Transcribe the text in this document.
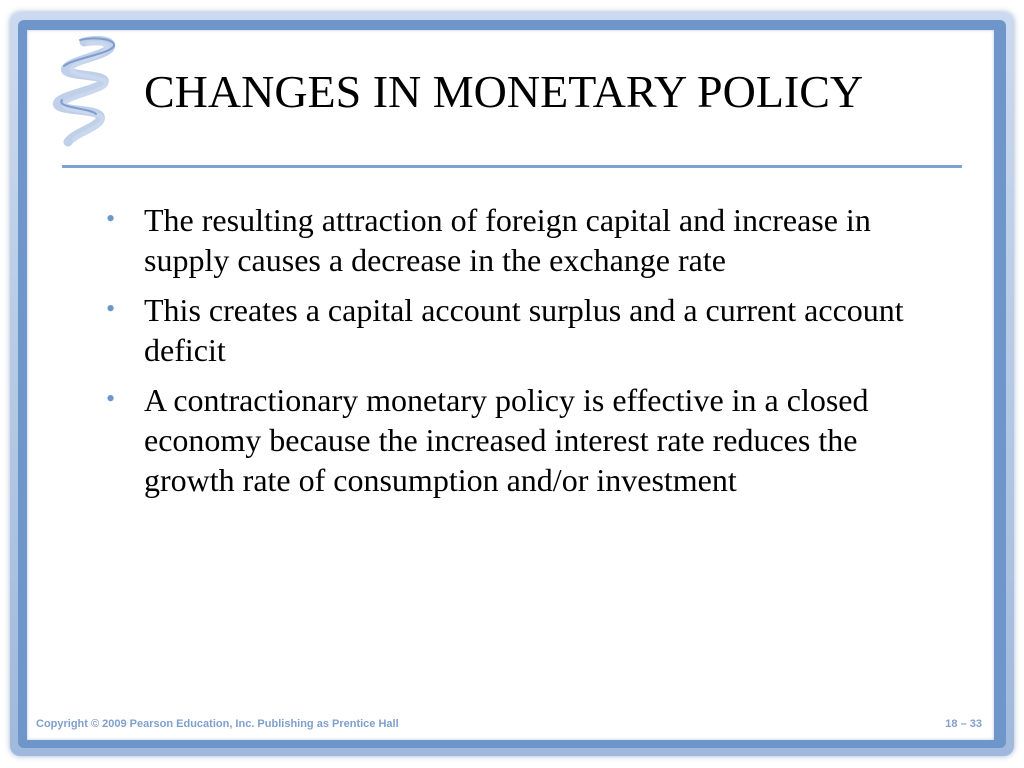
CHANGES IN MONETARY POLICY
• The resulting attraction of foreign capital and increase in supply causes a decrease in the exchange rate
• This creates a capital account surplus and a current account deficit
• A contractionary monetary policy is effective in a closed economy because the increased interest rate reduces the growth rate of consumption and/or investment
Copyright © 2009 Pearson Education, Inc. Publishing as Prentice Hall	18 – 33
